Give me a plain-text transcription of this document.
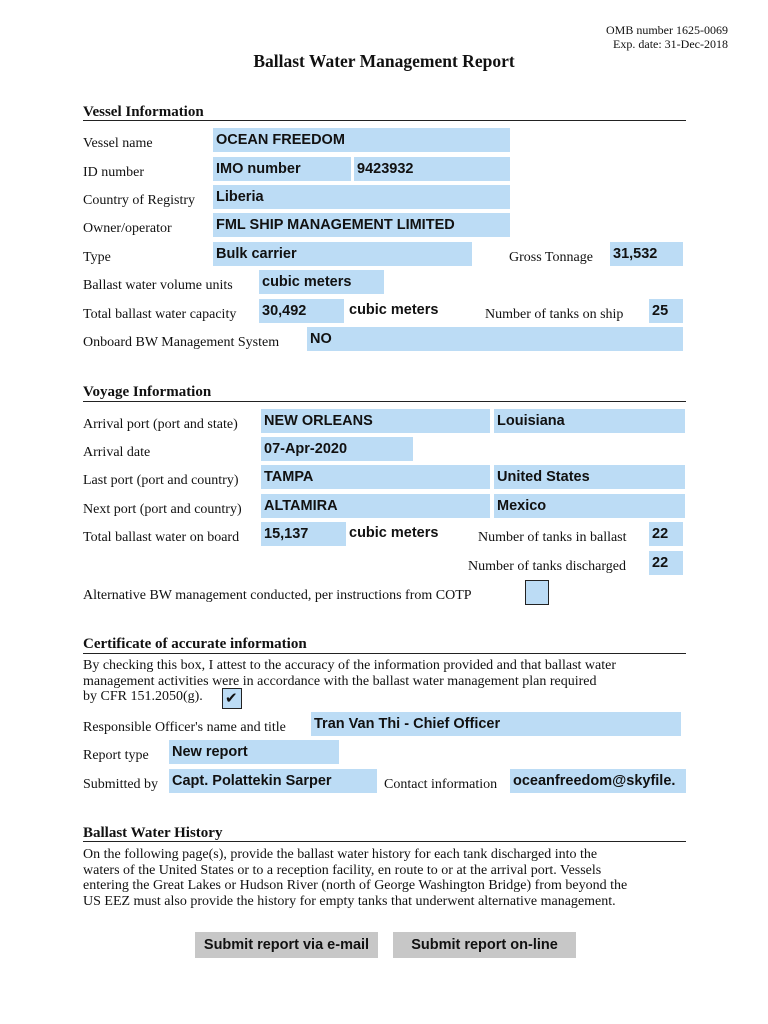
OMB number 1625-0069
Exp. date: 31-Dec-2018
Ballast Water Management Report
Vessel Information
Vessel name	OCEAN FREEDOM
ID number	IMO number	9423932
Country of Registry Liberia
Owner/operator	FML SHIP MANAGEMENT LIMITED
Type	Bulk carrier	Gross Tonnage 31,532
Ballast water volume units cubic meters
Total ballast water capacity 30,492	cubic meters	Number of tanks on ship 25
Onboard BW Management System NO
Voyage Information
Arrival port (port and state) NEW ORLEANS	Louisiana
Arrival date	07-Apr-2020
Last port (port and country) TAMPA	United States
Next port (port and country) ALTAMIRA	Mexico
Total ballast water on board 15,137	cubic meters	Number of tanks in ballast 22
Number of tanks discharged 22
Alternative BW management conducted, per instructions from COTP
Certificate of accurate information
By checking this box, I attest to the accuracy of the information provided and that ballast water
management activities were in accordance with the ballast water management plan required
by CFR 151.2050(g).	✔
Responsible Officer's name and title Tran Van Thi - Chief Officer
Report type New report
Submitted by Capt. Polattekin Sarper	Contact information oceanfreedom@skyfile.
Ballast Water History
On the following page(s), provide the ballast water history for each tank discharged into the
waters of the United States or to a reception facility, en route to or at the arrival port. Vessels
entering the Great Lakes or Hudson River (north of George Washington Bridge) from beyond the
US EEZ must also provide the history for empty tanks that underwent alternative management.
Submit report via e-mail	Submit report on-line
